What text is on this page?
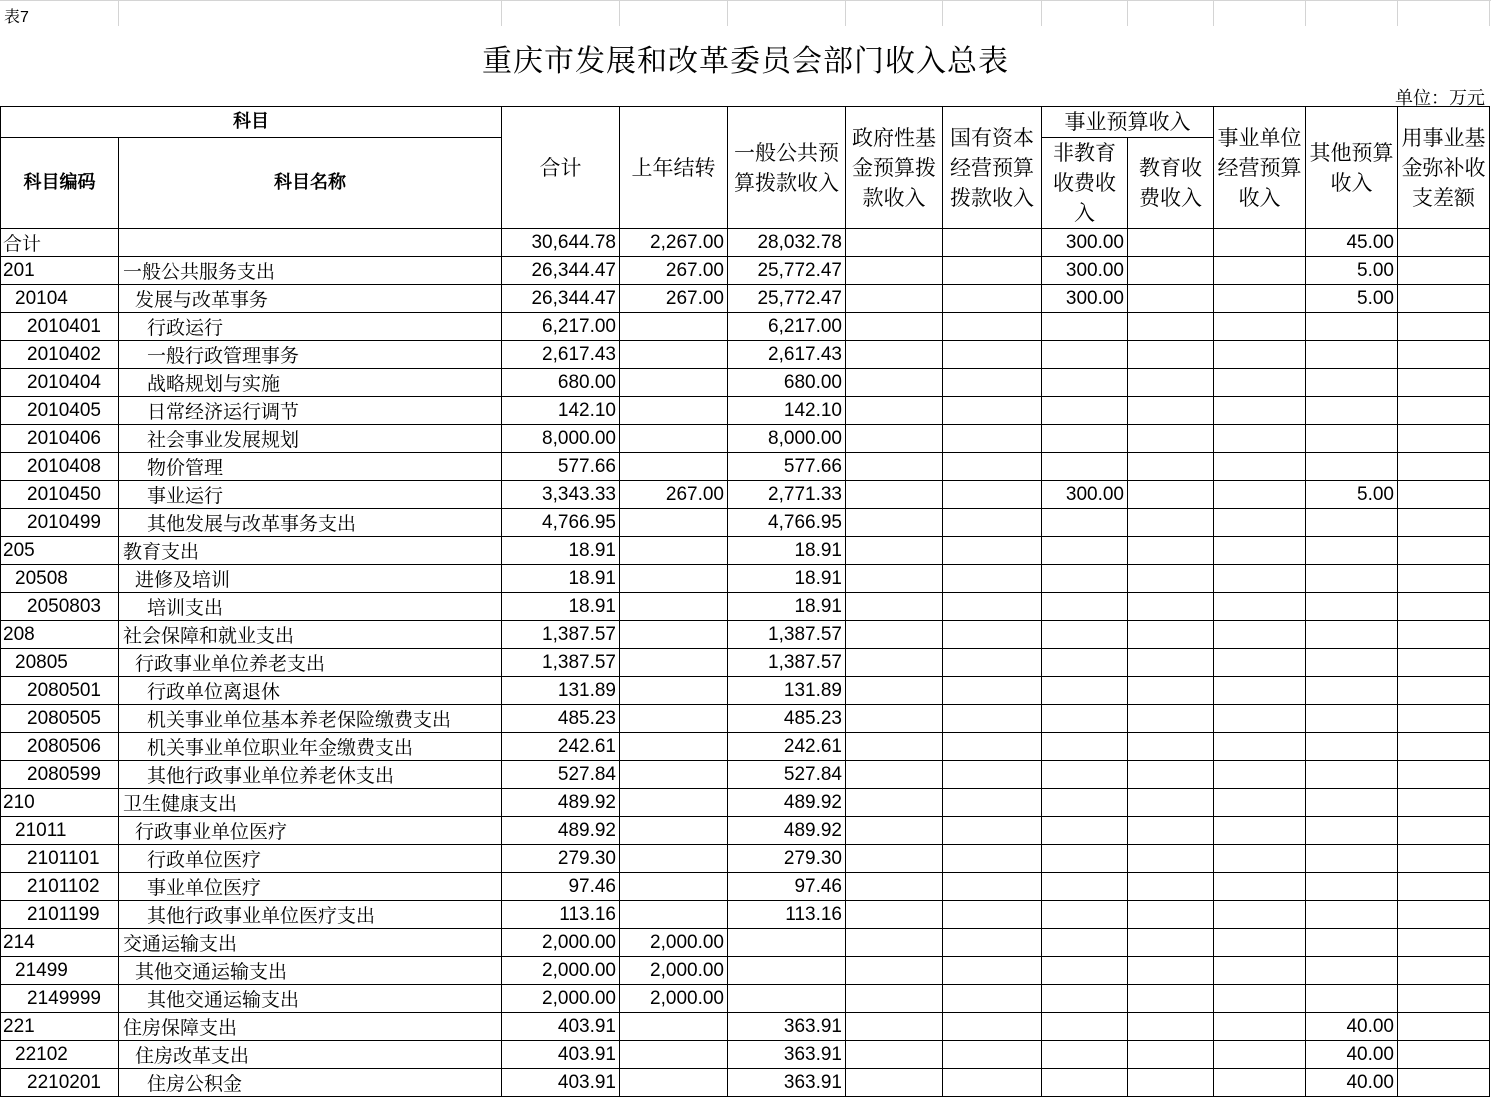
表7
重庆市发展和改革委员会部门收入总表
单位：万元
科目		合计	上年结转	一般公共预算拨款收入	政府性基金预算拨款收入	国有资本经营预算拨款收入	事业预算收入		事业单位经营预算收入	其他预算收入	用事业基金弥补收支差额
科目编码	科目名称						非教育收费收入	教育收费收入			
合计		30,644.78	2,267.00	28,032.78			300.00			45.00	
201	一般公共服务支出	26,344.47	267.00	25,772.47			300.00			5.00	
20104	发展与改革事务	26,344.47	267.00	25,772.47			300.00			5.00	
2010401	行政运行	6,217.00		6,217.00							
2010402	一般行政管理事务	2,617.43		2,617.43							
2010404	战略规划与实施	680.00		680.00							
2010405	日常经济运行调节	142.10		142.10							
2010406	社会事业发展规划	8,000.00		8,000.00							
2010408	物价管理	577.66		577.66							
2010450	事业运行	3,343.33	267.00	2,771.33			300.00			5.00	
2010499	其他发展与改革事务支出	4,766.95		4,766.95							
205	教育支出	18.91		18.91							
20508	进修及培训	18.91		18.91							
2050803	培训支出	18.91		18.91							
208	社会保障和就业支出	1,387.57		1,387.57							
20805	行政事业单位养老支出	1,387.57		1,387.57							
2080501	行政单位离退休	131.89		131.89							
2080505	机关事业单位基本养老保险缴费支出	485.23		485.23							
2080506	机关事业单位职业年金缴费支出	242.61		242.61							
2080599	其他行政事业单位养老休支出	527.84		527.84							
210	卫生健康支出	489.92		489.92							
21011	行政事业单位医疗	489.92		489.92							
2101101	行政单位医疗	279.30		279.30							
2101102	事业单位医疗	97.46		97.46							
2101199	其他行政事业单位医疗支出	113.16		113.16							
214	交通运输支出	2,000.00	2,000.00								
21499	其他交通运输支出	2,000.00	2,000.00								
2149999	其他交通运输支出	2,000.00	2,000.00								
221	住房保障支出	403.91		363.91						40.00	
22102	住房改革支出	403.91		363.91						40.00	
2210201	住房公积金	403.91		363.91						40.00	
